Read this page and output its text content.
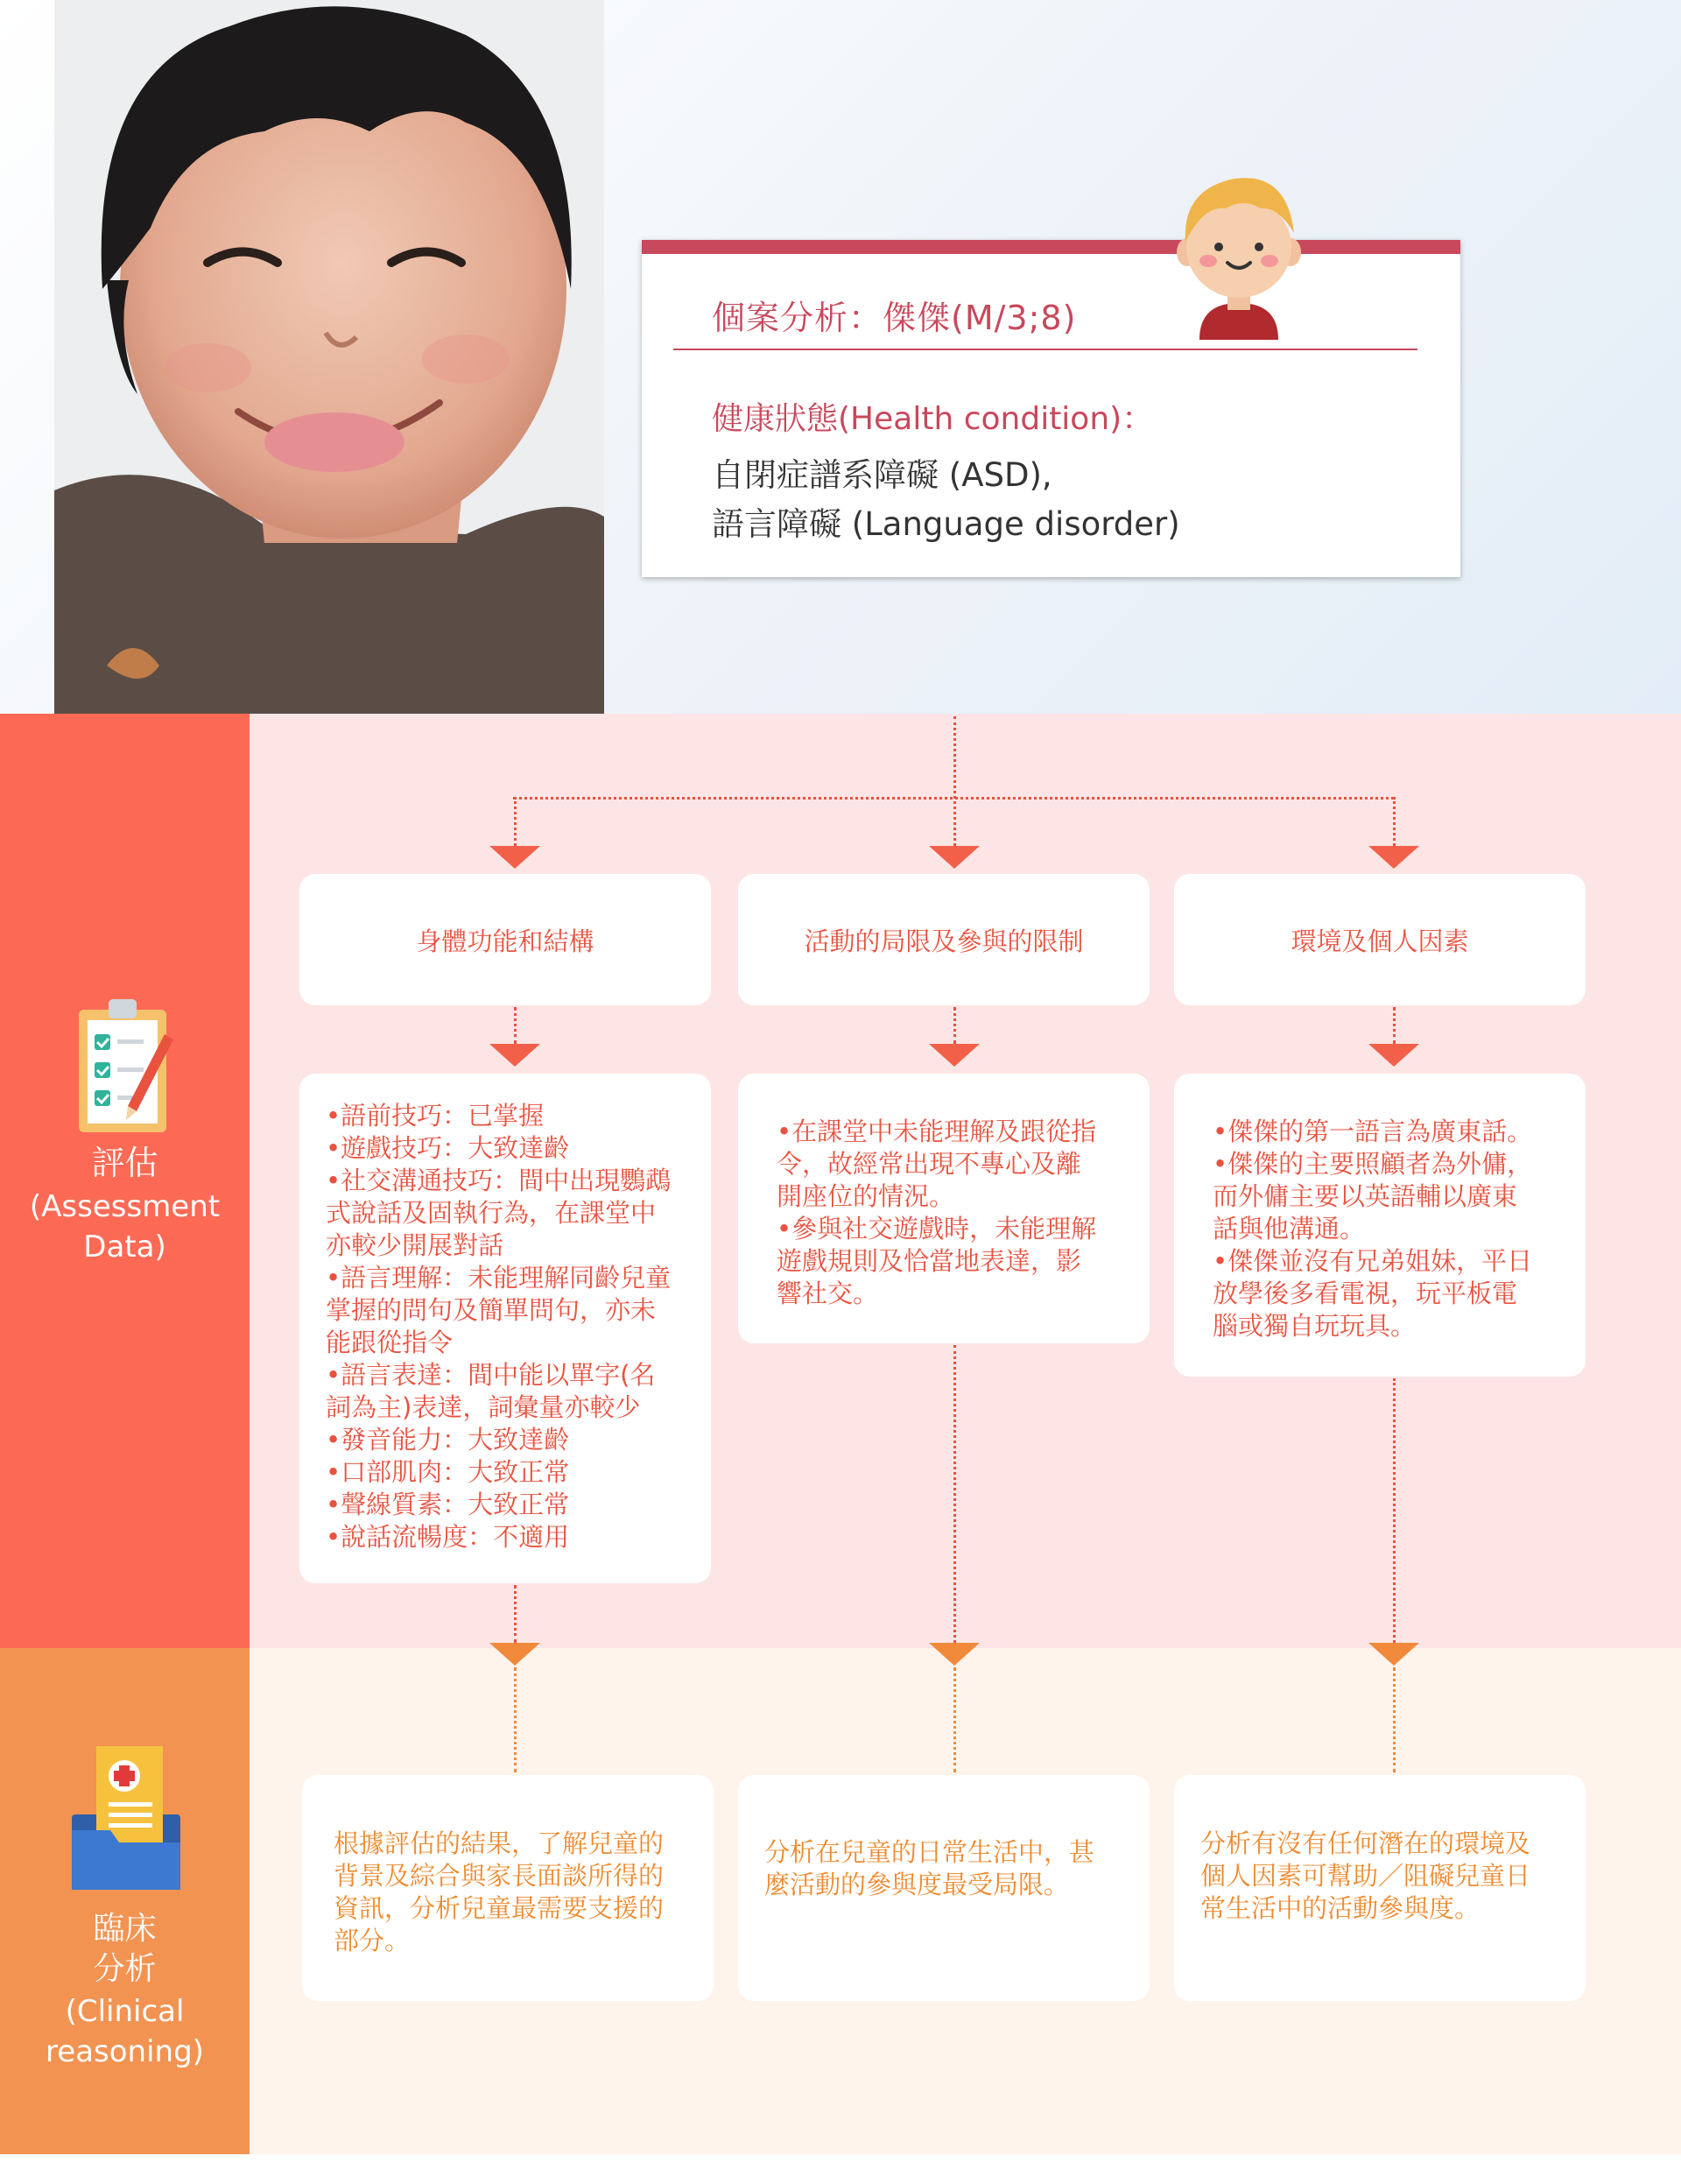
個案分析：傑傑(M/3;8)
健康狀態(Health condition)：
自閉症譜系障礙 (ASD),
語言障礙 (Language disorder)
評估
(Assessment
Data)
身體功能和結構	活動的局限及參與的限制	環境及個人因素
•語前技巧：已掌握
•遊戲技巧：大致達齡
•社交溝通技巧：間中出現鸚鵡
式說話及固執行為，在課堂中
亦較少開展對話
•語言理解：未能理解同齡兒童
掌握的問句及簡單問句，亦未
能跟從指令
•語言表達：間中能以單字(名
詞為主)表達，詞彙量亦較少
•發音能力：大致達齡
•口部肌肉：大致正常
•聲線質素：大致正常
•說話流暢度：不適用
•在課堂中未能理解及跟從指
令，故經常出現不專心及離
開座位的情況。
•參與社交遊戲時，未能理解
遊戲規則及恰當地表達，影
響社交。
•傑傑的第一語言為廣東話。
•傑傑的主要照顧者為外傭，
而外傭主要以英語輔以廣東
話與他溝通。
•傑傑並沒有兄弟姐妹，平日
放學後多看電視，玩平板電
腦或獨自玩玩具。
臨床
分析
(Clinical
reasoning)
根據評估的結果，了解兒童的
背景及綜合與家長面談所得的
資訊，分析兒童最需要支援的
部分。
分析在兒童的日常生活中，甚
麼活動的參與度最受局限。
分析有沒有任何潛在的環境及
個人因素可幫助／阻礙兒童日
常生活中的活動參與度。
